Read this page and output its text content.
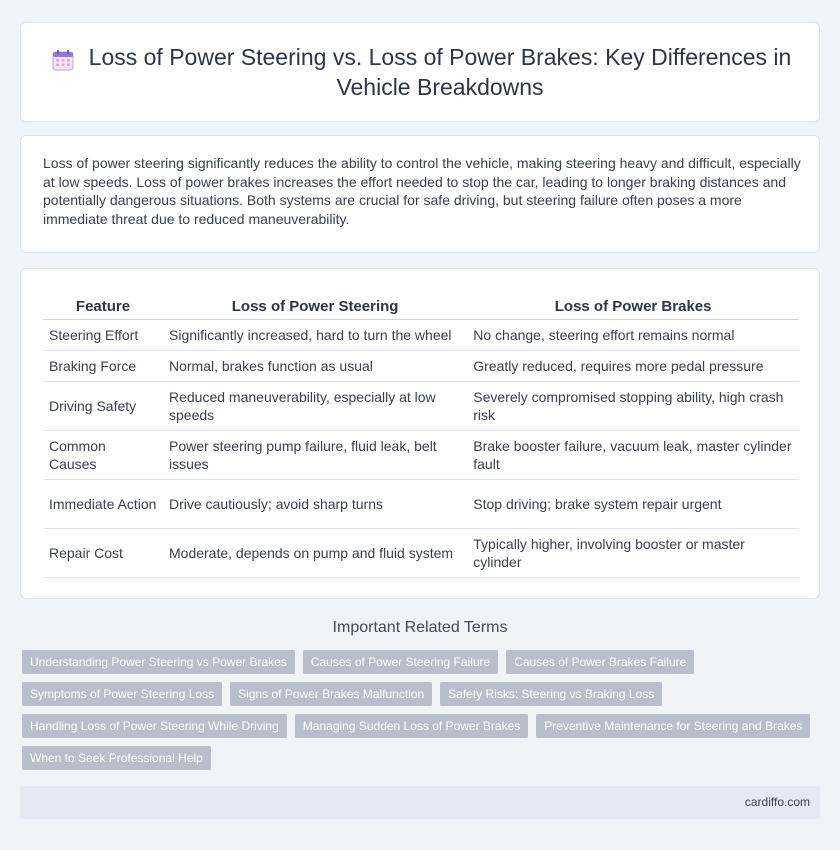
Loss of Power Steering vs. Loss of Power Brakes: Key Differences in Vehicle Breakdowns

Loss of power steering significantly reduces the ability to control the vehicle, making steering heavy and difficult, especially at low speeds. Loss of power brakes increases the effort needed to stop the car, leading to longer braking distances and potentially dangerous situations. Both systems are crucial for safe driving, but steering failure often poses a more immediate threat due to reduced maneuverability.

Feature	Loss of Power Steering	Loss of Power Brakes
Steering Effort	Significantly increased, hard to turn the wheel	No change, steering effort remains normal
Braking Force	Normal, brakes function as usual	Greatly reduced, requires more pedal pressure
Driving Safety	Reduced maneuverability, especially at low speeds	Severely compromised stopping ability, high crash risk
Common Causes	Power steering pump failure, fluid leak, belt issues	Brake booster failure, vacuum leak, master cylinder fault
Immediate Action	Drive cautiously; avoid sharp turns	Stop driving; brake system repair urgent
Repair Cost	Moderate, depends on pump and fluid system	Typically higher, involving booster or master cylinder
Important Related Terms
Understanding Power Steering vs Power Brakes	Causes of Power Steering Failure	Causes of Power Brakes Failure
Symptoms of Power Steering Loss	Signs of Power Brakes Malfunction	Safety Risks: Steering vs Braking Loss
Handling Loss of Power Steering While Driving	Managing Sudden Loss of Power Brakes	Preventive Maintenance for Steering and Brakes
When to Seek Professional Help
cardiffo.com
